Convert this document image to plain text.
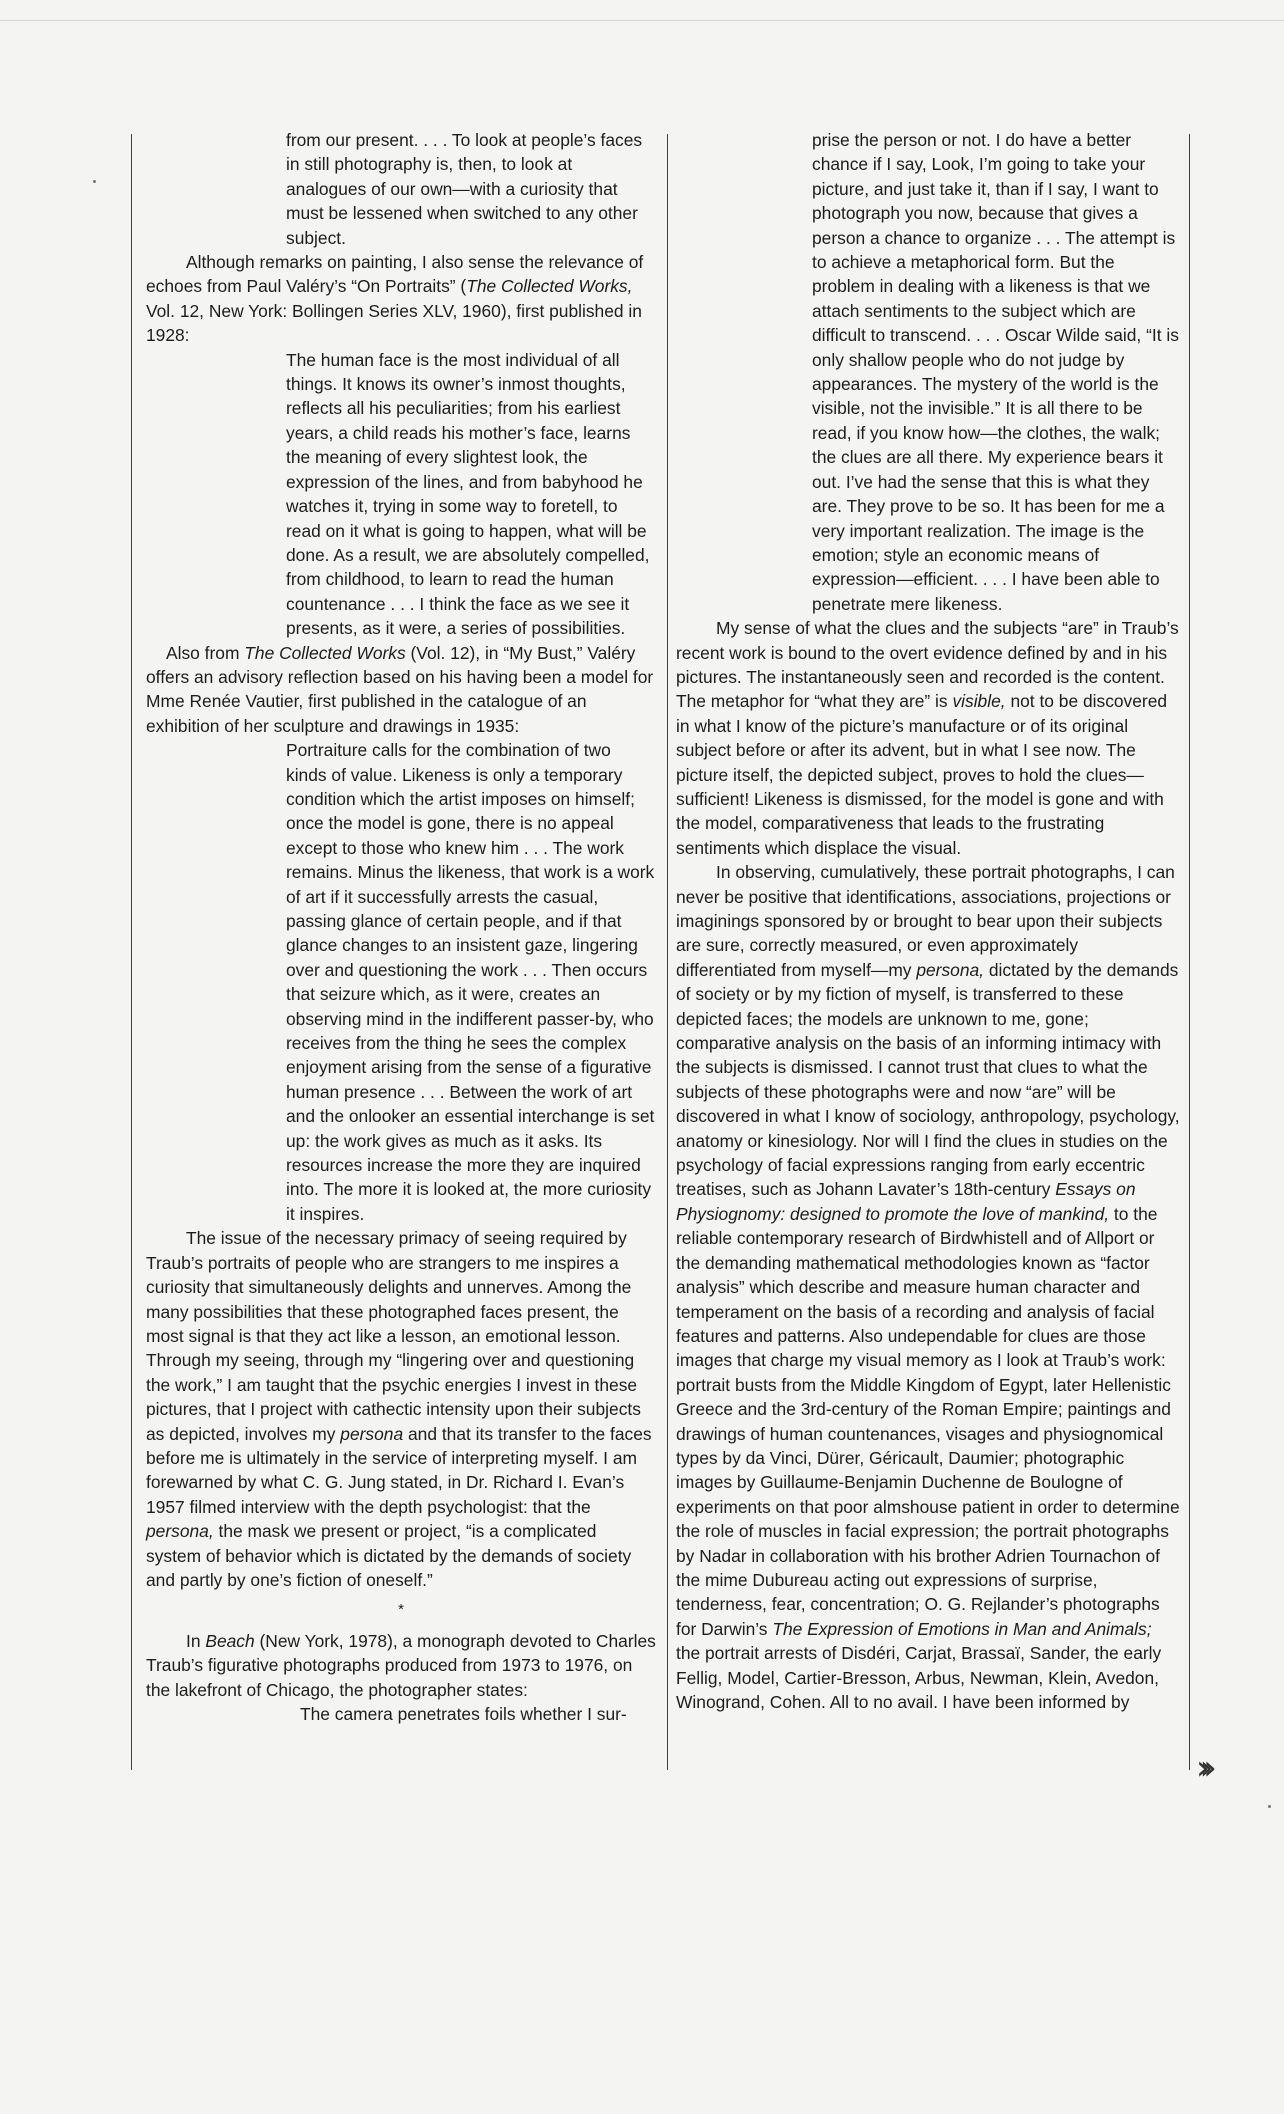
from our present. . . . To look at people’s faces in still photography is, then, to look at analogues of our own—with a curiosity that must be lessened when switched to any other subject.

Although remarks on painting, I also sense the relevance of echoes from Paul Valéry’s “On Portraits” (The Collected Works, Vol. 12, New York: Bollingen Series XLV, 1960), first published in 1928:

The human face is the most individual of all things. It knows its owner’s inmost thoughts, reflects all his peculiarities; from his earliest years, a child reads his mother’s face, learns the meaning of every slightest look, the expression of the lines, and from babyhood he watches it, trying in some way to foretell, to read on it what is going to happen, what will be done. As a result, we are absolutely compelled, from childhood, to learn to read the human countenance . . . I think the face as we see it presents, as it were, a series of possibilities.

Also from The Collected Works (Vol. 12), in “My Bust,” Valéry offers an advisory reflection based on his having been a model for Mme Renée Vautier, first published in the catalogue of an exhibition of her sculpture and drawings in 1935:

Portraiture calls for the combination of two kinds of value. Likeness is only a temporary condition which the artist imposes on himself; once the model is gone, there is no appeal except to those who knew him . . . The work remains. Minus the likeness, that work is a work of art if it successfully arrests the casual, passing glance of certain people, and if that glance changes to an insistent gaze, lingering over and questioning the work . . . Then occurs that seizure which, as it were, creates an observing mind in the indifferent passer-by, who receives from the thing he sees the complex enjoyment arising from the sense of a figurative human presence . . . Between the work of art and the onlooker an essential interchange is set up: the work gives as much as it asks. Its resources increase the more they are inquired into. The more it is looked at, the more curiosity it inspires.

The issue of the necessary primacy of seeing required by Traub’s portraits of people who are strangers to me inspires a curiosity that simultaneously delights and unnerves. Among the many possibilities that these photographed faces present, the most signal is that they act like a lesson, an emotional lesson. Through my seeing, through my “lingering over and questioning the work,” I am taught that the psychic energies I invest in these pictures, that I project with cathectic intensity upon their subjects as depicted, involves my persona and that its transfer to the faces before me is ultimately in the service of interpreting myself. I am forewarned by what C. G. Jung stated, in Dr. Richard I. Evan’s 1957 filmed interview with the depth psychologist: that the persona, the mask we present or project, “is a complicated system of behavior which is dictated by the demands of society and partly by one’s fiction of oneself.”

*

In Beach (New York, 1978), a monograph devoted to Charles Traub’s figurative photographs produced from 1973 to 1976, on the lakefront of Chicago, the photographer states:

The camera penetrates foils whether I sur-

prise the person or not. I do have a better chance if I say, Look, I’m going to take your picture, and just take it, than if I say, I want to photograph you now, because that gives a person a chance to organize . . . The attempt is to achieve a metaphorical form. But the problem in dealing with a likeness is that we attach sentiments to the subject which are difficult to transcend. . . . Oscar Wilde said, “It is only shallow people who do not judge by appearances. The mystery of the world is the visible, not the invisible.” It is all there to be read, if you know how—the clothes, the walk; the clues are all there. My experience bears it out. I’ve had the sense that this is what they are. They prove to be so. It has been for me a very important realization. The image is the emotion; style an economic means of expression—efficient. . . . I have been able to penetrate mere likeness.

My sense of what the clues and the subjects “are” in Traub’s recent work is bound to the overt evidence defined by and in his pictures. The instantaneously seen and recorded is the content. The metaphor for “what they are” is visible, not to be discovered in what I know of the picture’s manufacture or of its original subject before or after its advent, but in what I see now. The picture itself, the depicted subject, proves to hold the clues—sufficient! Likeness is dismissed, for the model is gone and with the model, comparativeness that leads to the frustrating sentiments which displace the visual.

In observing, cumulatively, these portrait photographs, I can never be positive that identifications, associations, projections or imaginings sponsored by or brought to bear upon their subjects are sure, correctly measured, or even approximately differentiated from myself—my persona, dictated by the demands of society or by my fiction of myself, is transferred to these depicted faces; the models are unknown to me, gone; comparative analysis on the basis of an informing intimacy with the subjects is dismissed. I cannot trust that clues to what the subjects of these photographs were and now “are” will be discovered in what I know of sociology, anthropology, psychology, anatomy or kinesiology. Nor will I find the clues in studies on the psychology of facial expressions ranging from early eccentric treatises, such as Johann Lavater’s 18th-century Essays on Physiognomy: designed to promote the love of mankind, to the reliable contemporary research of Birdwhistell and of Allport or the demanding mathematical methodologies known as “factor analysis” which describe and measure human character and temperament on the basis of a recording and analysis of facial features and patterns. Also undependable for clues are those images that charge my visual memory as I look at Traub’s work: portrait busts from the Middle Kingdom of Egypt, later Hellenistic Greece and the 3rd-century of the Roman Empire; paintings and drawings of human countenances, visages and physiognomical types by da Vinci, Dürer, Géricault, Daumier; photographic images by Guillaume-Benjamin Duchenne de Boulogne of experiments on that poor almshouse patient in order to determine the role of muscles in facial expression; the portrait photographs by Nadar in collaboration with his brother Adrien Tournachon of the mime Dubureau acting out expressions of surprise, tenderness, fear, concentration; O. G. Rejlander’s photographs for Darwin’s The Expression of Emotions in Man and Animals; the portrait arrests of Disdéri, Carjat, Brassaï, Sander, the early Fellig, Model, Cartier-Bresson, Arbus, Newman, Klein, Avedon, Winogrand, Cohen. All to no avail. I have been informed by

›››
